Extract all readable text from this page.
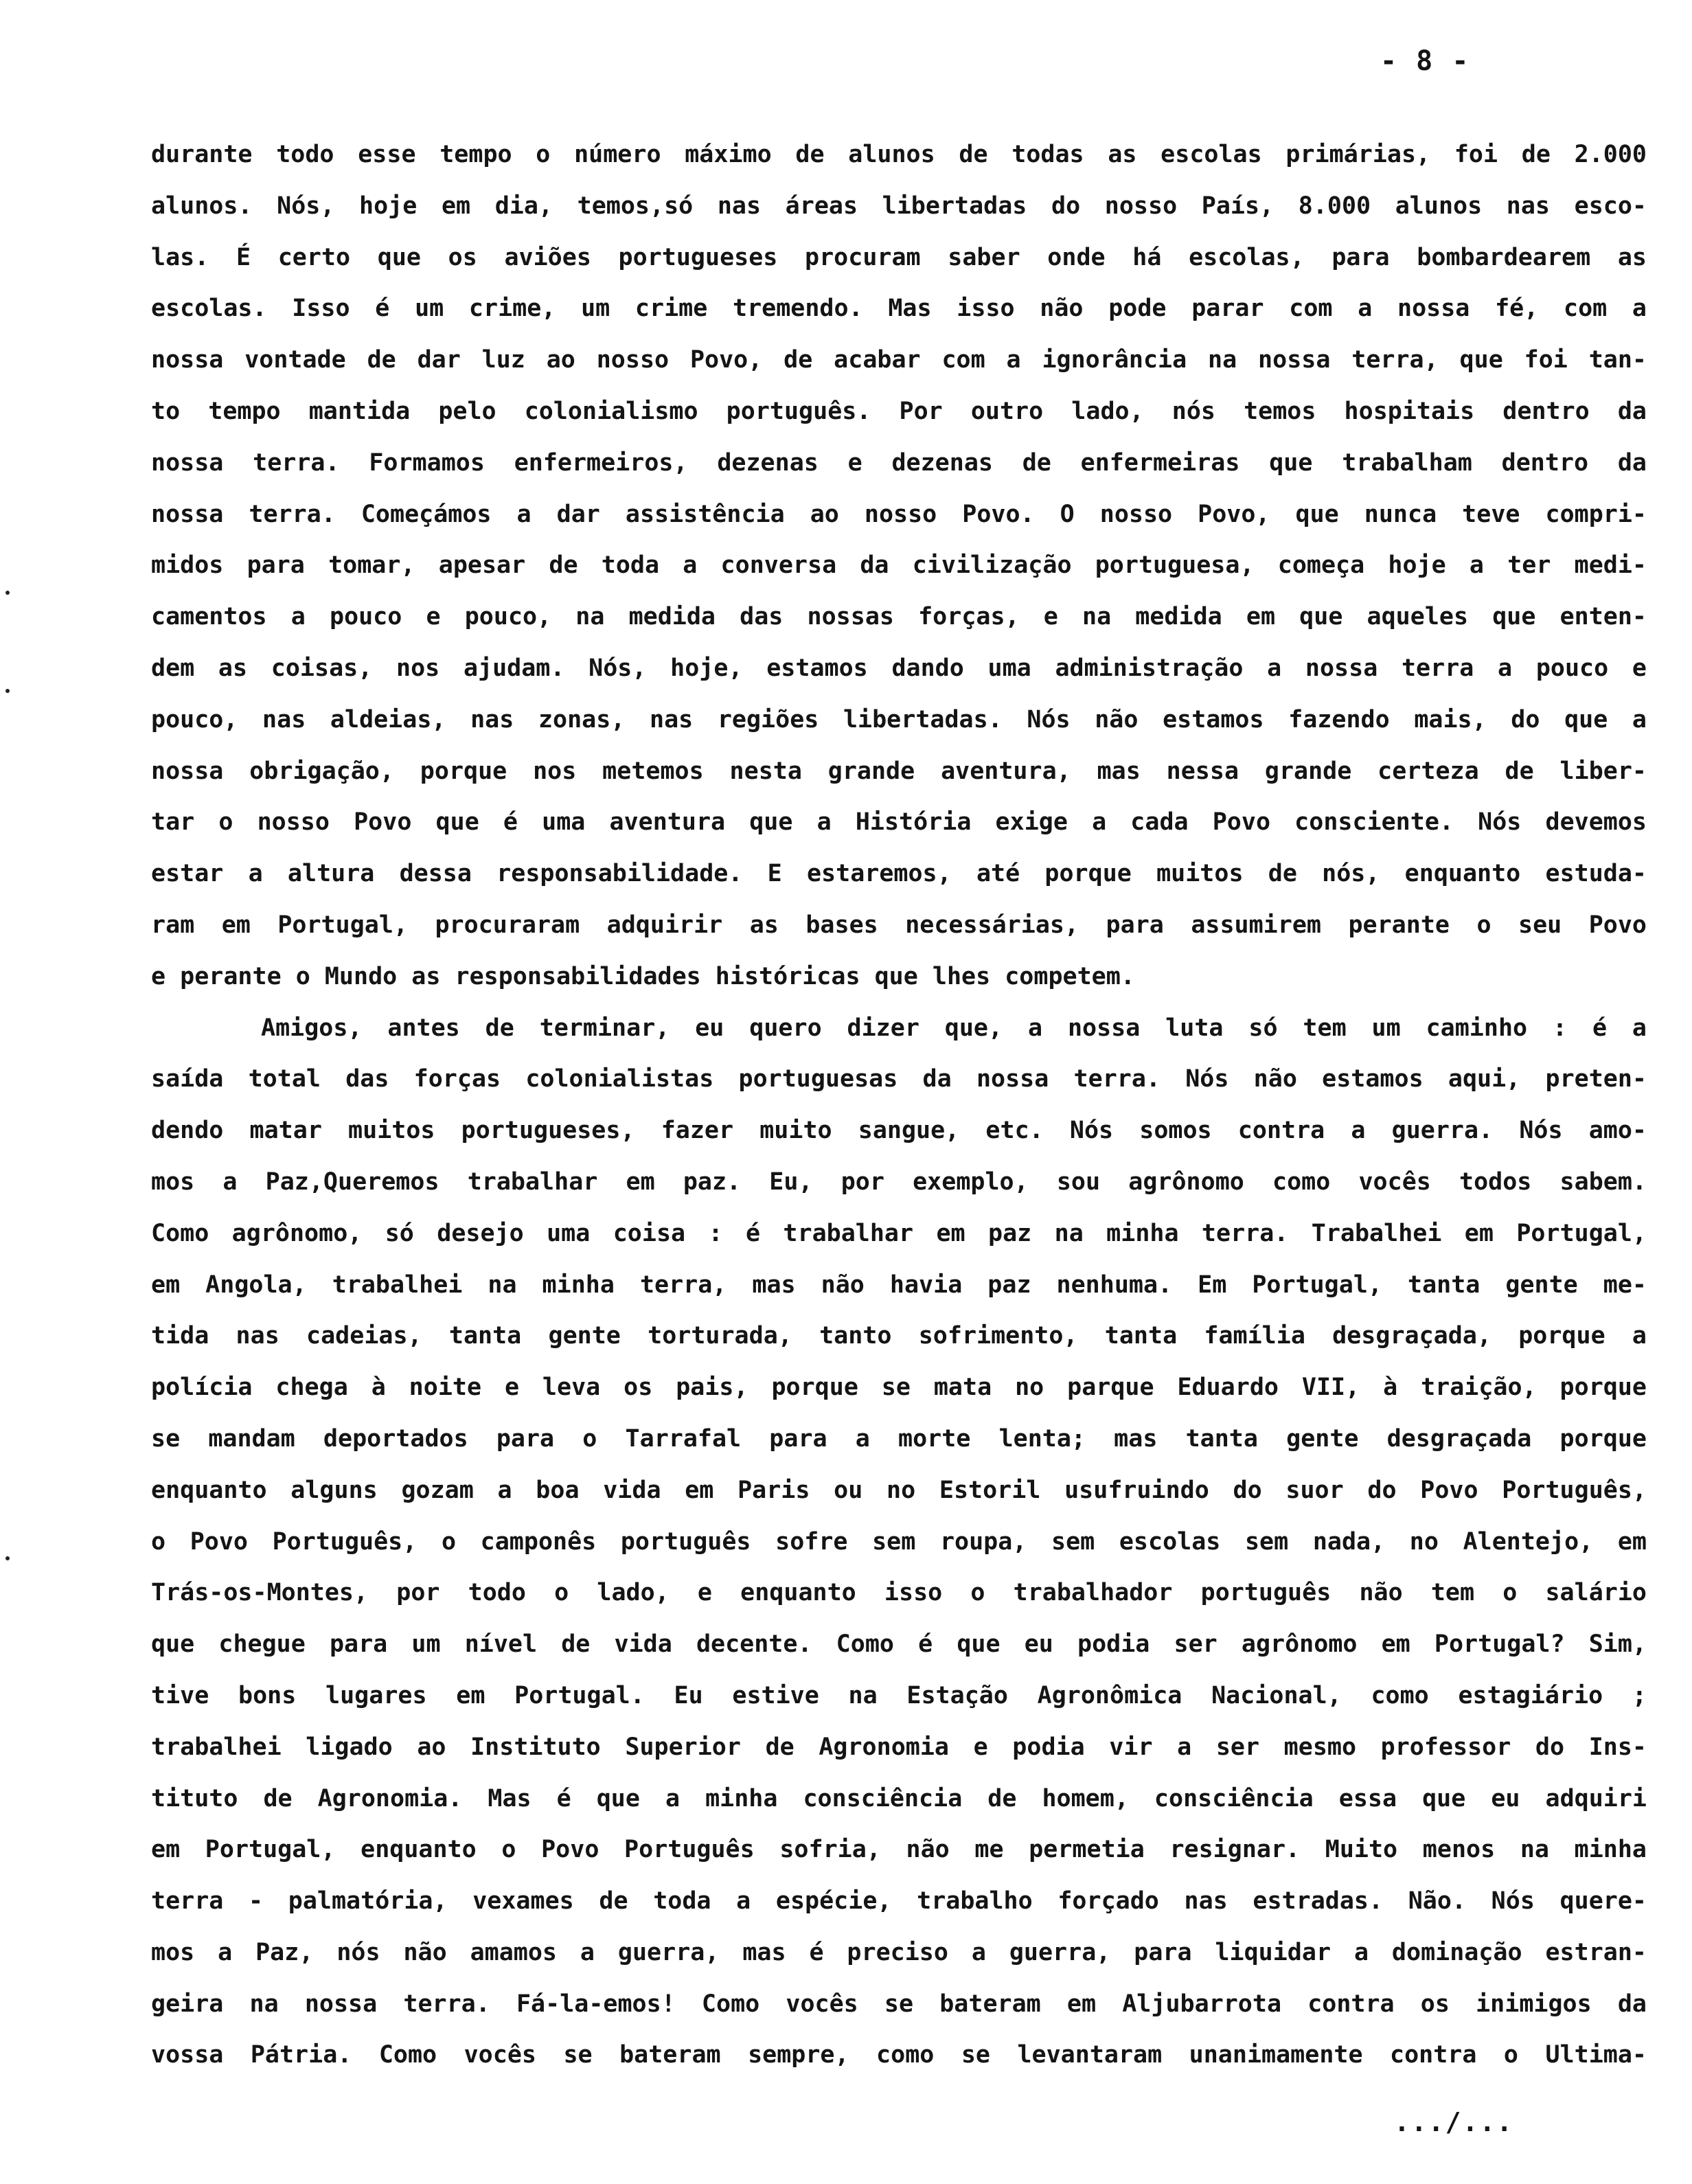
- 8 -
durante todo esse tempo o número máximo de alunos de todas as escolas primárias, foi de 2.000
alunos. Nós, hoje em dia, temos,só nas áreas libertadas do nosso País, 8.000 alunos nas esco-
las. É certo que os aviões portugueses procuram saber onde há escolas, para bombardearem as
escolas. Isso é um crime, um crime tremendo. Mas isso não pode parar com a nossa fé, com a
nossa vontade de dar luz ao nosso Povo, de acabar com a ignorância na nossa terra, que foi tan-
to tempo mantida pelo colonialismo português. Por outro lado, nós temos hospitais dentro da
nossa terra. Formamos enfermeiros, dezenas e dezenas de enfermeiras que trabalham dentro da
nossa terra. Começámos a dar assistência ao nosso Povo. O nosso Povo, que nunca teve compri-
midos para tomar, apesar de toda a conversa da civilização portuguesa, começa hoje a ter medi-
camentos a pouco e pouco, na medida das nossas forças, e na medida em que aqueles que enten-
dem as coisas, nos ajudam. Nós, hoje, estamos dando uma administração a nossa terra a pouco e
pouco, nas aldeias, nas zonas, nas regiões libertadas. Nós não estamos fazendo mais, do que a
nossa obrigação, porque nos metemos nesta grande aventura, mas nessa grande certeza de liber-
tar o nosso Povo que é uma aventura que a História exige a cada Povo consciente. Nós devemos
estar a altura dessa responsabilidade. E estaremos, até porque muitos de nós, enquanto estuda-
ram em Portugal, procuraram adquirir as bases necessárias, para assumirem perante o seu Povo
e perante o Mundo as responsabilidades históricas que lhes competem.
Amigos, antes de terminar, eu quero dizer que, a nossa luta só tem um caminho : é a
saída total das forças colonialistas portuguesas da nossa terra. Nós não estamos aqui, preten-
dendo matar muitos portugueses, fazer muito sangue, etc. Nós somos contra a guerra. Nós amo-
mos a Paz,Queremos trabalhar em paz. Eu, por exemplo, sou agrônomo como vocês todos sabem.
Como agrônomo, só desejo uma coisa : é trabalhar em paz na minha terra. Trabalhei em Portugal,
em Angola, trabalhei na minha terra, mas não havia paz nenhuma. Em Portugal, tanta gente me-
tida nas cadeias, tanta gente torturada, tanto sofrimento, tanta família desgraçada, porque a
polícia chega à noite e leva os pais, porque se mata no parque Eduardo VII, à traição, porque
se mandam deportados para o Tarrafal para a morte lenta; mas tanta gente desgraçada porque
enquanto alguns gozam a boa vida em Paris ou no Estoril usufruindo do suor do Povo Português,
o Povo Português, o camponês português sofre sem roupa, sem escolas sem nada, no Alentejo, em
Trás-os-Montes, por todo o lado, e enquanto isso o trabalhador português não tem o salário
que chegue para um nível de vida decente. Como é que eu podia ser agrônomo em Portugal? Sim,
tive bons lugares em Portugal. Eu estive na Estação Agronômica Nacional, como estagiário ;
trabalhei ligado ao Instituto Superior de Agronomia e podia vir a ser mesmo professor do Ins-
tituto de Agronomia. Mas é que a minha consciência de homem, consciência essa que eu adquiri
em Portugal, enquanto o Povo Português sofria, não me permetia resignar. Muito menos na minha
terra - palmatória, vexames de toda a espécie, trabalho forçado nas estradas. Não. Nós quere-
mos a Paz, nós não amamos a guerra, mas é preciso a guerra, para liquidar a dominação estran-
geira na nossa terra. Fá-la-emos! Como vocês se bateram em Aljubarrota contra os inimigos da
vossa Pátria. Como vocês se bateram sempre, como se levantaram unanimamente contra o Ultima-
.../...
